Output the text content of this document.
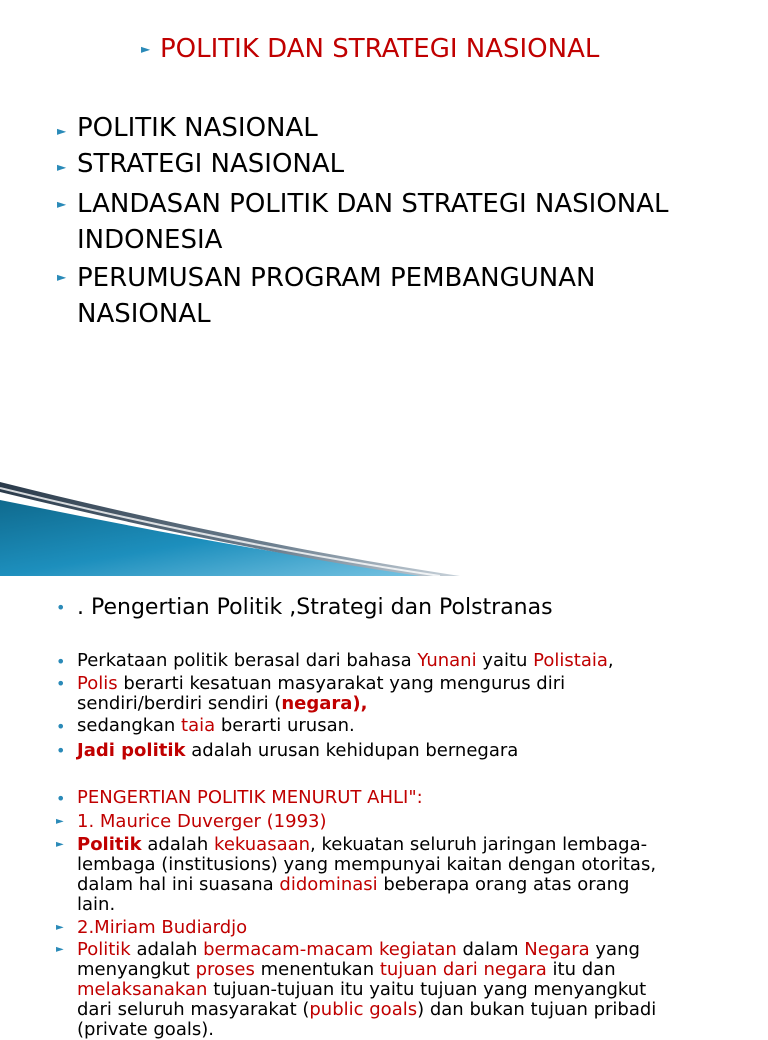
► POLITIK DAN STRATEGI NASIONAL
► POLITIK NASIONAL
► STRATEGI NASIONAL
► LANDASAN POLITIK DAN STRATEGI NASIONAL
INDONESIA
► PERUMUSAN PROGRAM PEMBANGUNAN
NASIONAL
• . Pengertian Politik ,Strategi dan Polstranas
• Perkataan politik berasal dari bahasa Yunani yaitu Polistaia,
• Polis berarti kesatuan masyarakat yang mengurus diri
sendiri/berdiri sendiri (negara),
• sedangkan taia berarti urusan.
• Jadi politik adalah urusan kehidupan bernegara
• PENGERTIAN POLITIK MENURUT AHLI":
► 1. Maurice Duverger (1993)
► Politik adalah kekuasaan, kekuatan seluruh jaringan lembaga-
lembaga (institusions) yang mempunyai kaitan dengan otoritas,
dalam hal ini suasana didominasi beberapa orang atas orang
lain.
► 2.Miriam Budiardjo
► Politik adalah bermacam-macam kegiatan dalam Negara yang
menyangkut proses menentukan tujuan dari negara itu dan
melaksanakan tujuan-tujuan itu yaitu tujuan yang menyangkut
dari seluruh masyarakat (public goals) dan bukan tujuan pribadi
(private goals).
